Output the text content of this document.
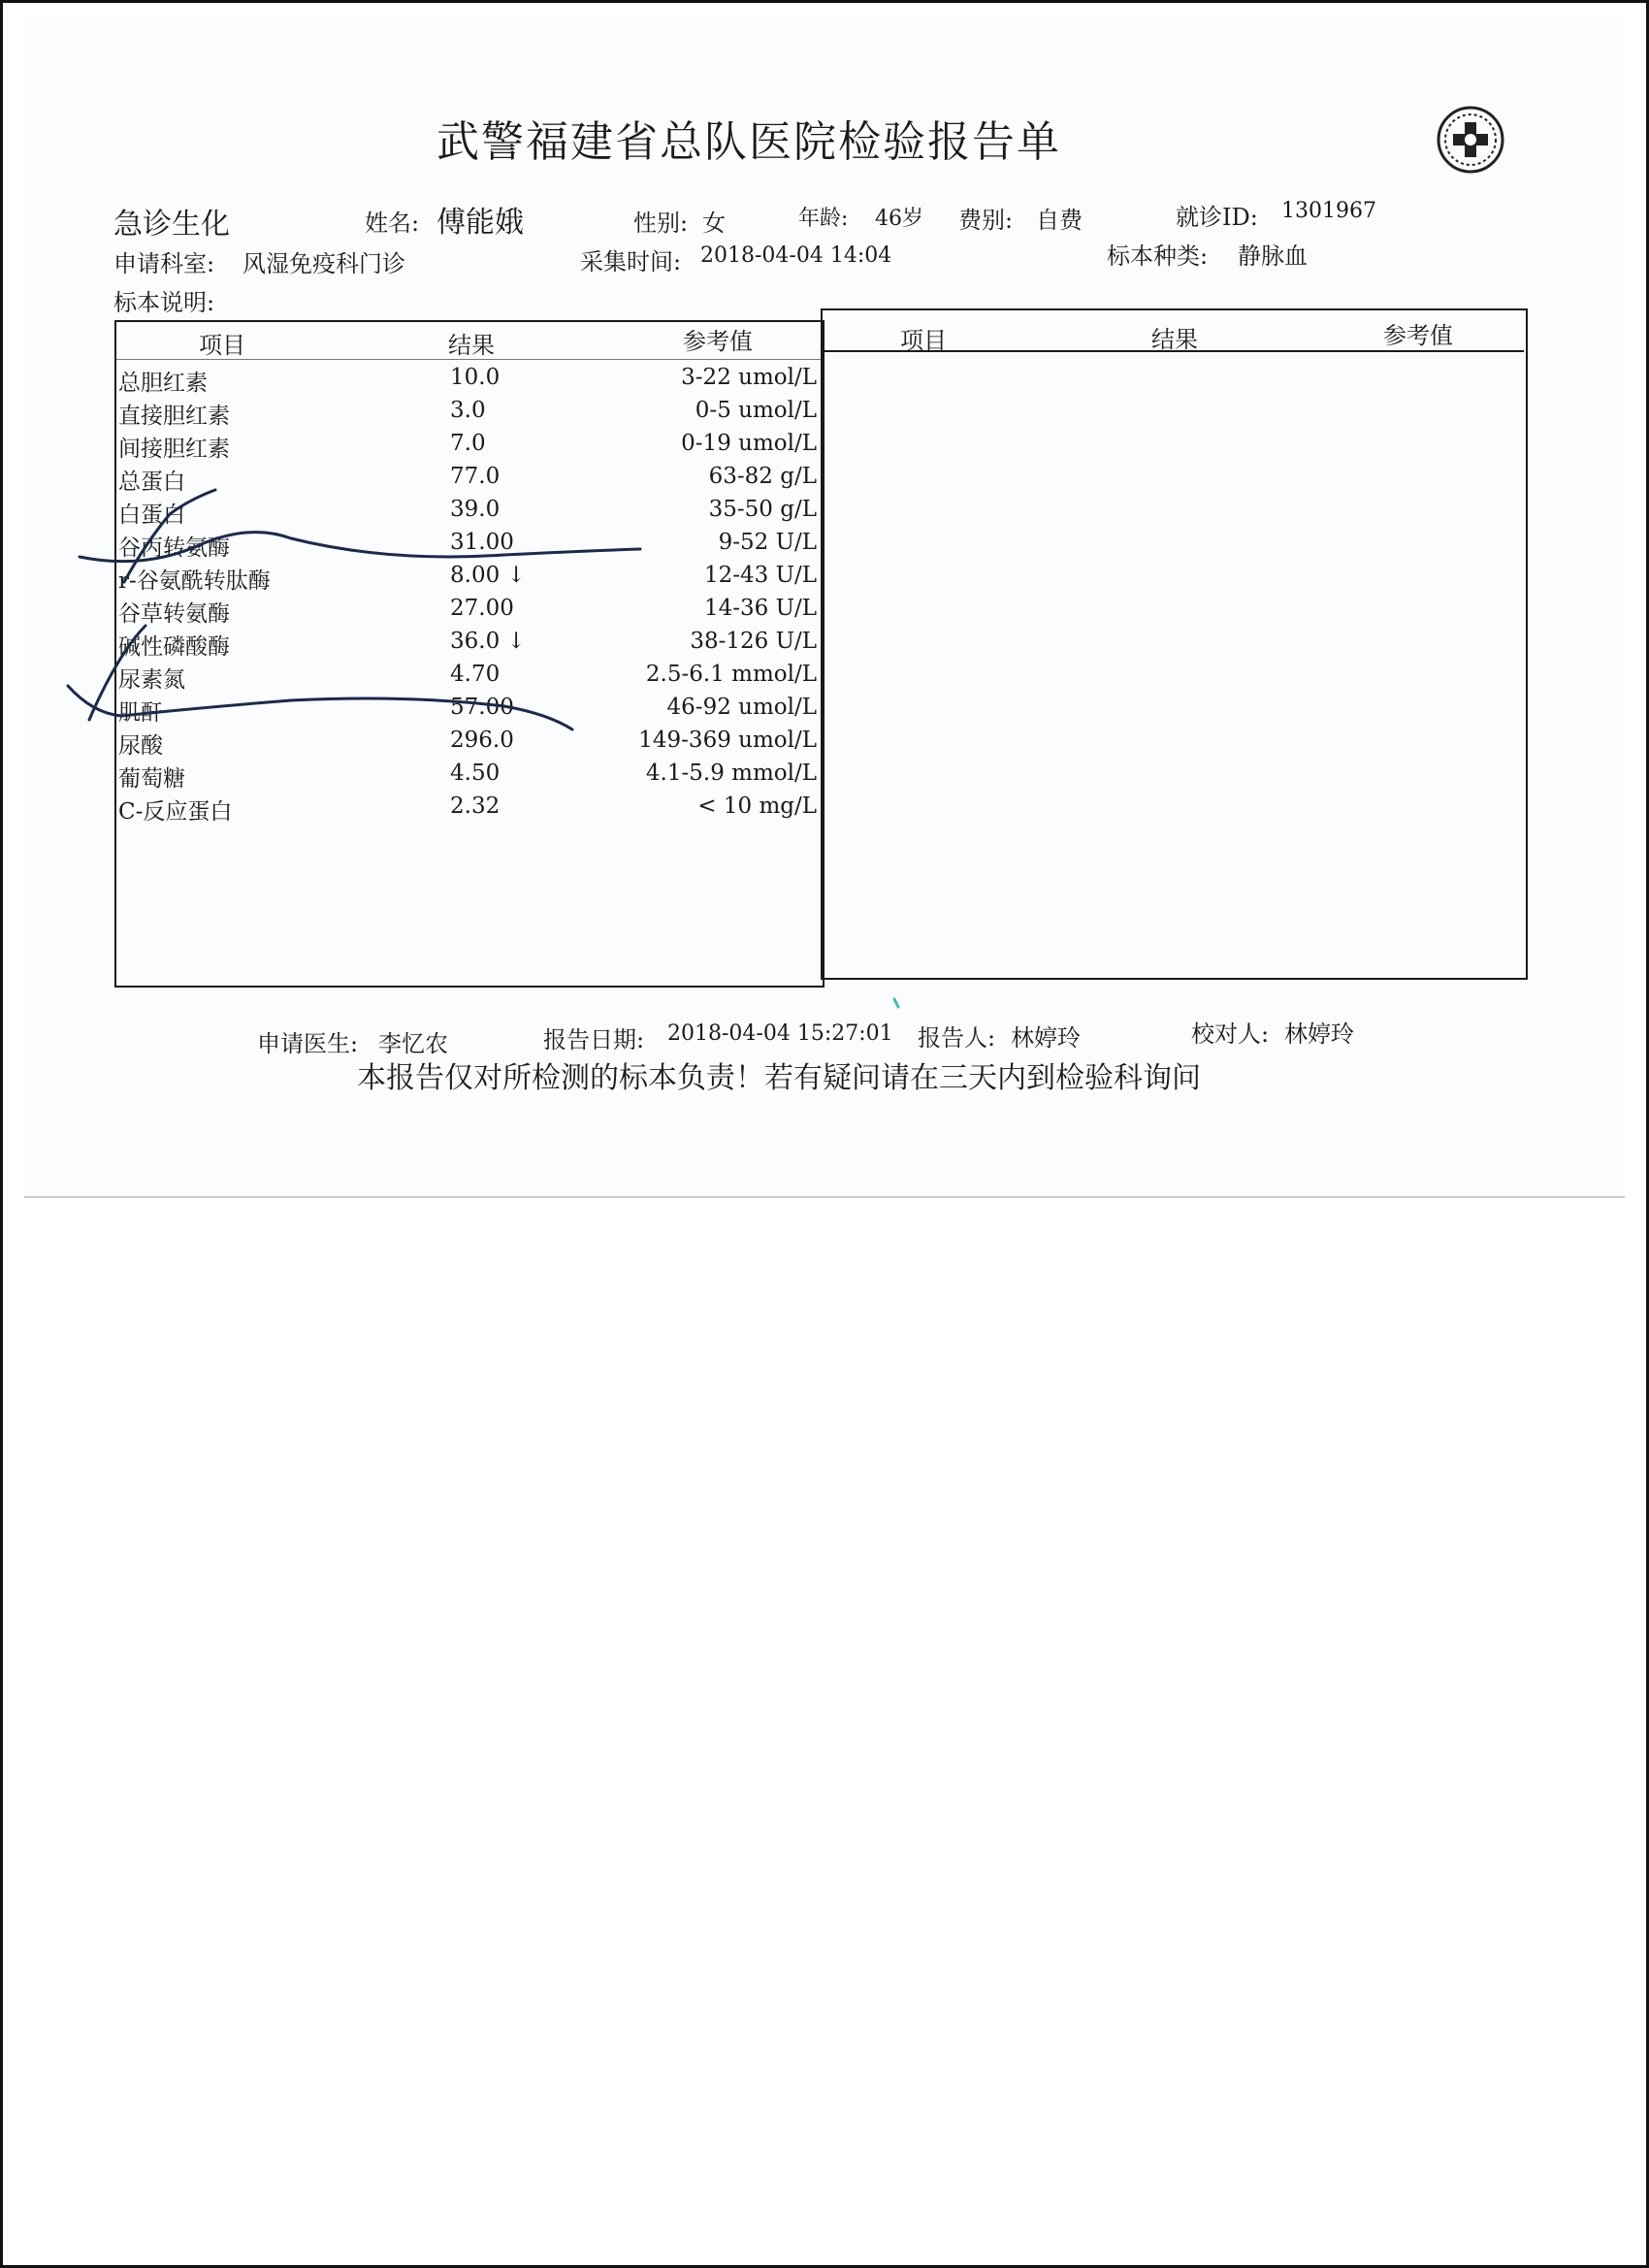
武警福建省总队医院检验报告单
急诊生化	姓名: 傅能娥	性别: 女	年龄: 46岁 费别: 自费	就诊ID: 1301967
申请科室: 风湿免疫科门诊	采集时间: 2018-04-04 14:04	标本种类: 静脉血
标本说明:
项目	结果	参考值	项目	结果	参考值
总胆红素	10.0	3-22 umol/L
直接胆红素	3.0	0-5 umol/L
间接胆红素	7.0	0-19 umol/L
总蛋白	77.0	63-82 g/L
白蛋白	39.0	35-50 g/L
谷丙转氨酶	31.00	9-52 U/L
r-谷氨酰转肽酶	8.00 ↓	12-43 U/L
谷草转氨酶	27.00	14-36 U/L
碱性磷酸酶	36.0 ↓	38-126 U/L
尿素氮	4.70	2.5-6.1 mmol/L
肌酐	57.00	46-92 umol/L
尿酸	296.0	149-369 umol/L
葡萄糖	4.50	4.1-5.9 mmol/L
C-反应蛋白	2.32	< 10 mg/L
申请医生: 李忆农	报告日期: 2018-04-04 15:27:01 报告人: 林婷玲	校对人: 林婷玲
本报告仅对所检测的标本负责！若有疑问请在三天内到检验科询问
